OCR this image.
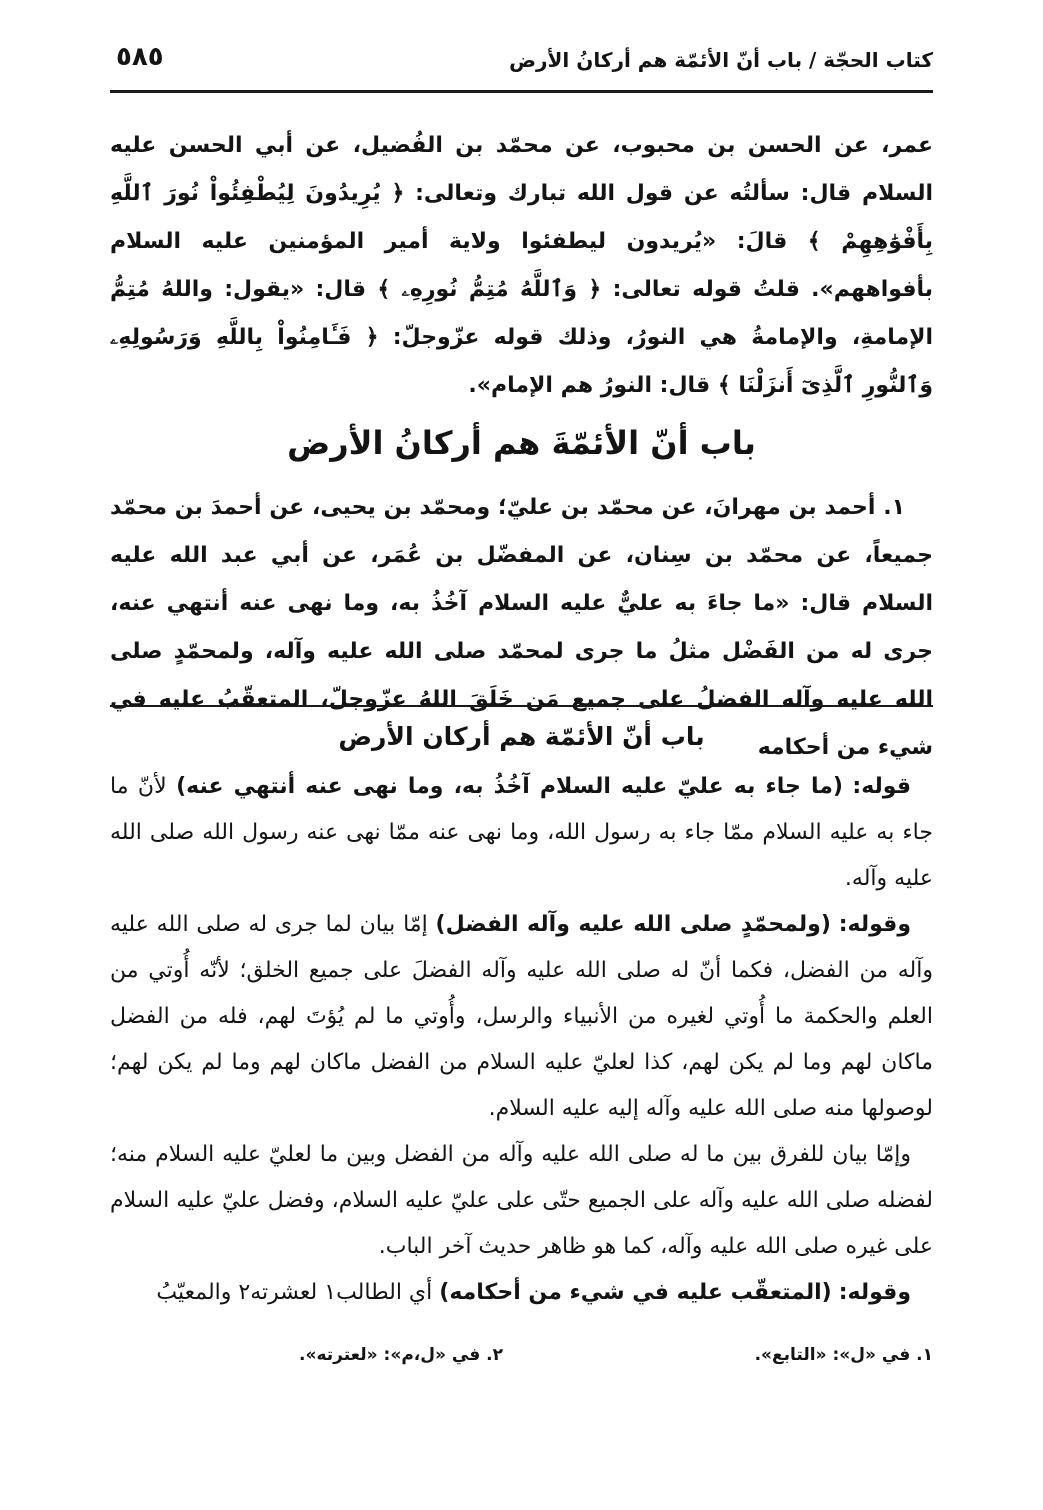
كتاب الحجّة / باب أنّ الأئمّة هم أركانُ الأرض
٥٨٥

عمر، عن الحسن بن محبوب، عن محمّد بن الفُضيل، عن أبي الحسن عليه السلام قال: سألتُه عن قول الله تبارك وتعالى: ﴿ يُرِيدُونَ لِيُطْفِئُواْ نُورَ ٱللَّهِ بِأَفْوَٰهِهِمْ ﴾ قالَ: «يُريدون ليطفئوا ولاية أمير المؤمنين عليه السلام بأفواههم». قلتُ قوله تعالى: ﴿ وَٱللَّهُ مُتِمُّ نُورِهِۦ ﴾ قال: «يقول: واللهُ مُتِمُّ الإمامةِ، والإمامةُ هي النورُ، وذلك قوله عزّوجلّ: ﴿ فَـَٔامِنُواْ بِاللَّهِ وَرَسُولِهِۦ وَٱلنُّورِ ٱلَّذِىٓ أَنزَلْنَا ﴾ قال: النورُ هم الإمام».

باب أنّ الأئمّةَ هم أركانُ الأرض

١. أحمد بن مهرانَ، عن محمّد بن عليّ؛ ومحمّد بن يحيى، عن أحمدَ بن محمّد جميعاً، عن محمّد بن سِنان، عن المفضّل بن عُمَر، عن أبي عبد الله عليه السلام قال: «ما جاءَ به عليٌّ عليه السلام آخُذُ به، وما نهى عنه أنتهي عنه، جرى له من الفَضْل مثلُ ما جرى لمحمّد صلى الله عليه وآله، ولمحمّدٍ صلى الله عليه وآله الفضلُ على جميع مَن خَلَقَ اللهُ عزّوجلّ، المتعقّبُ عليه في شيء من أحكامه

باب أنّ الأئمّة هم أركان الأرض

قوله: (ما جاء به عليّ عليه السلام آخُذُ به، وما نهى عنه أنتهي عنه) لأنّ ما جاء به عليه السلام ممّا جاء به رسول الله، وما نهى عنه ممّا نهى عنه رسول الله صلى الله عليه وآله.

وقوله: (ولمحمّدٍ صلى الله عليه وآله الفضل) إمّا بيان لما جرى له صلى الله عليه وآله من الفضل، فكما أنّ له صلى الله عليه وآله الفضلَ على جميع الخلق؛ لأنّه أُوتي من العلم والحكمة ما أُوتي لغيره من الأنبياء والرسل، وأُوتي ما لم يُؤتَ لهم، فله من الفضل ماكان لهم وما لم يكن لهم، كذا لعليّ عليه السلام من الفضل ماكان لهم وما لم يكن لهم؛ لوصولها منه صلى الله عليه وآله إليه عليه السلام.

وإمّا بيان للفرق بين ما له صلى الله عليه وآله من الفضل وبين ما لعليّ عليه السلام منه؛ لفضله صلى الله عليه وآله على الجميع حتّى على عليّ عليه السلام، وفضل عليّ عليه السلام على غيره صلى الله عليه وآله، كما هو ظاهر حديث آخر الباب.

وقوله: (المتعقّب عليه في شيء من أحكامه) أي الطالب١ لعشرته٢ والمعيّبُ

١. في «ل»: «التابع».
٢. في «ل،م»: «لعترته».
